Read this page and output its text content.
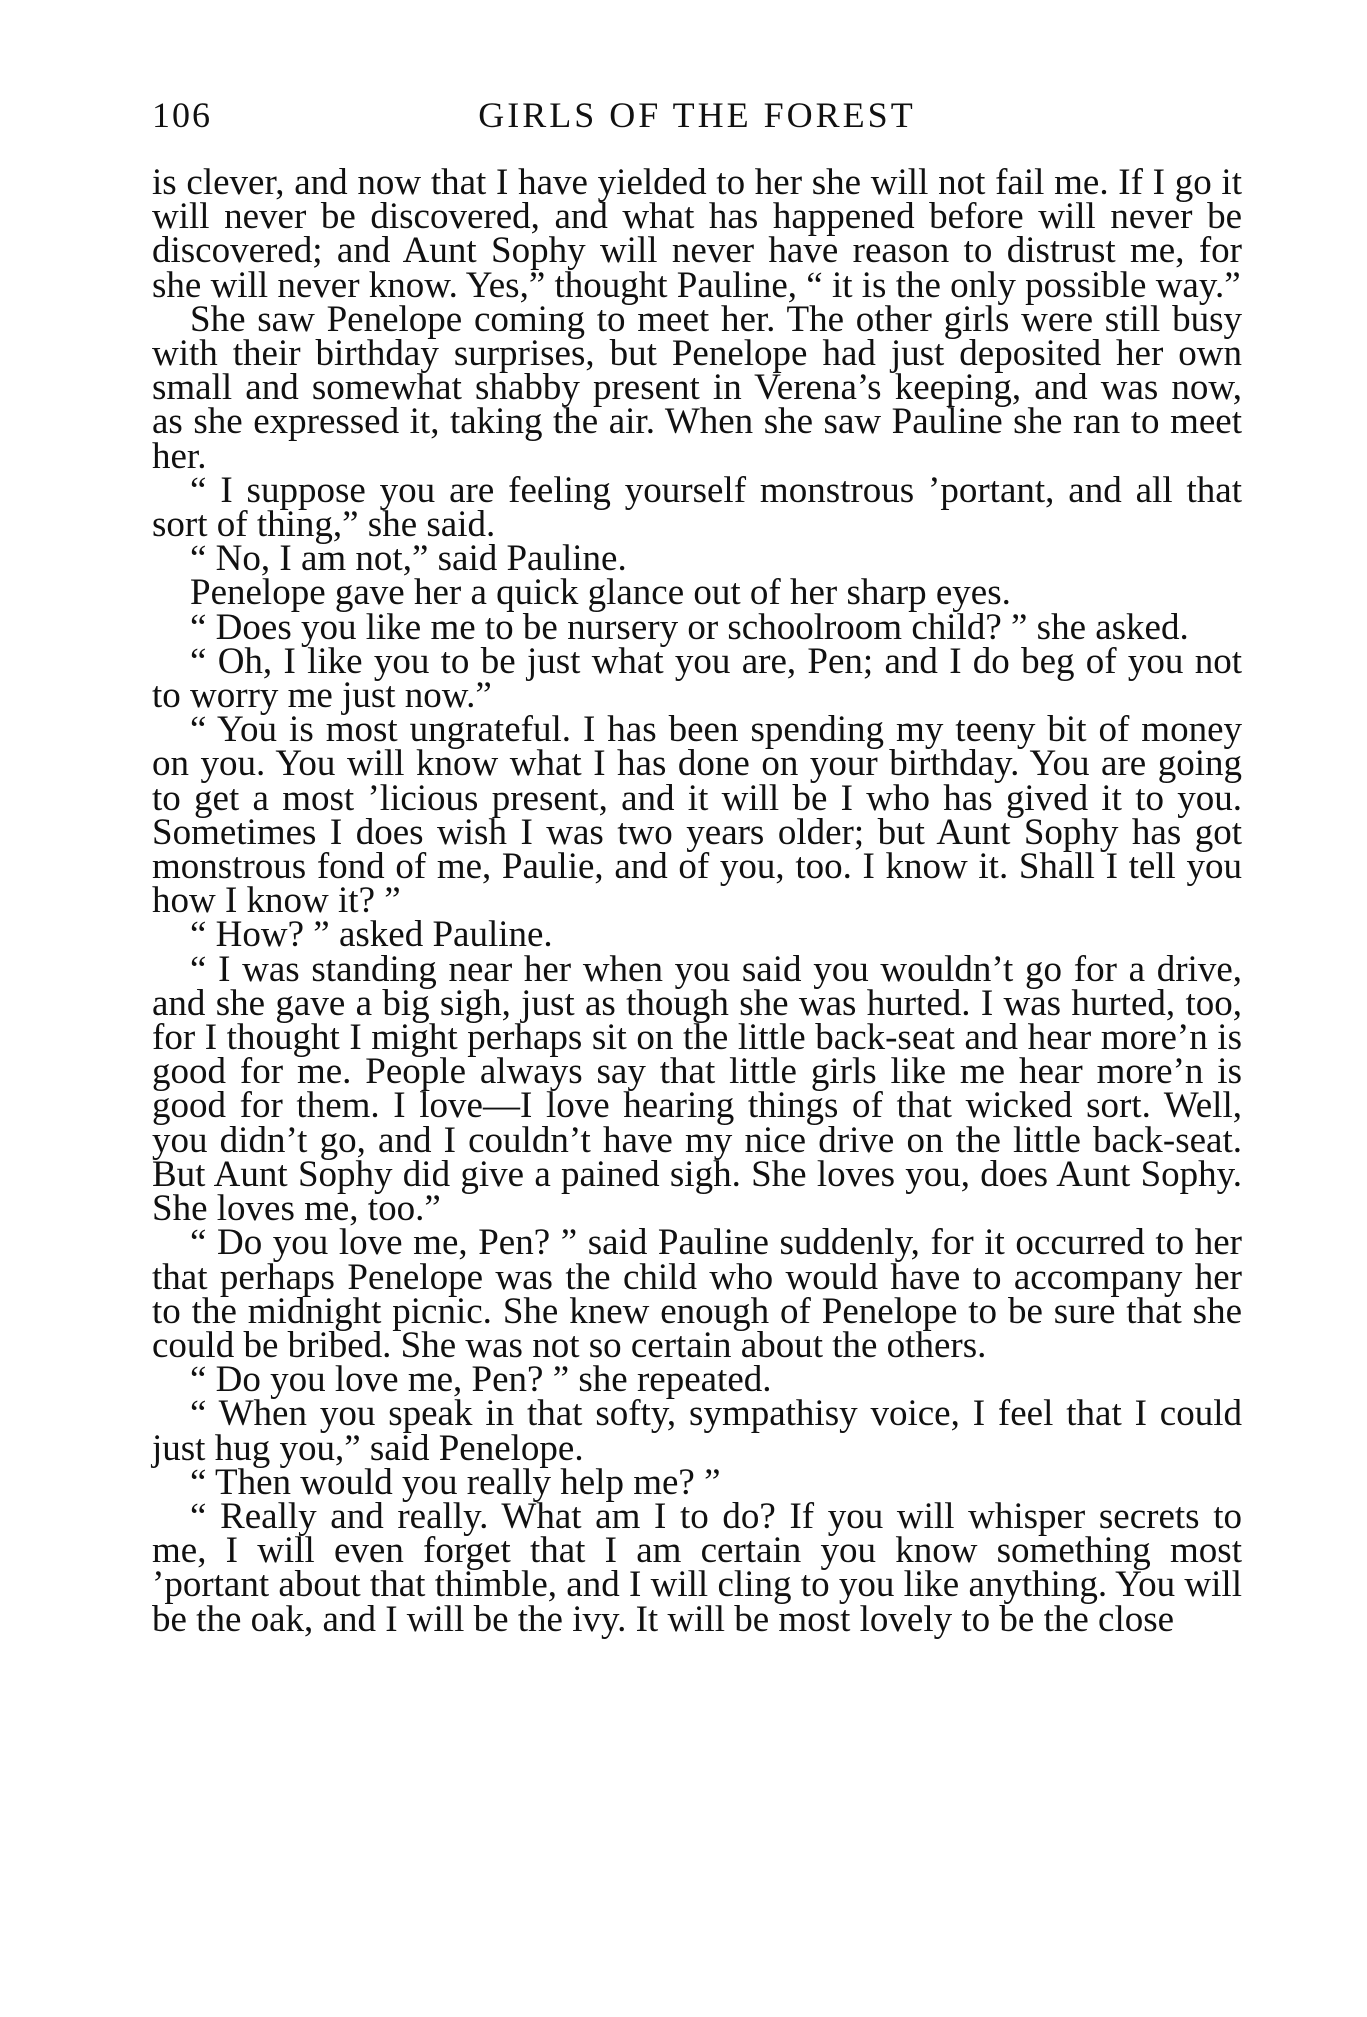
106	GIRLS OF THE FOREST

is clever, and now that I have yielded to her she will not fail me. If I go it will never be discovered, and what has happened before will never be discovered; and Aunt Sophy will never have reason to distrust me, for she will never know. Yes,” thought Pauline, “ it is the only possible way.”

She saw Penelope coming to meet her. The other girls were still busy with their birthday surprises, but Penelope had just deposited her own small and somewhat shabby present in Verena’s keeping, and was now, as she expressed it, taking the air. When she saw Pauline she ran to meet her.

“ I suppose you are feeling yourself monstrous ’portant, and all that sort of thing,” she said.

“ No, I am not,” said Pauline.

Penelope gave her a quick glance out of her sharp eyes.

“ Does you like me to be nursery or schoolroom child? ” she asked.

“ Oh, I like you to be just what you are, Pen; and I do beg of you not to worry me just now.”

“ You is most ungrateful. I has been spending my teeny bit of money on you. You will know what I has done on your birthday. You are going to get a most ’licious present, and it will be I who has gived it to you. Sometimes I does wish I was two years older; but Aunt Sophy has got monstrous fond of me, Paulie, and of you, too. I know it. Shall I tell you how I know it? ”

“ How? ” asked Pauline.

“ I was standing near her when you said you wouldn’t go for a drive, and she gave a big sigh, just as though she was hurted. I was hurted, too, for I thought I might perhaps sit on the little back-seat and hear more’n is good for me. People always say that little girls like me hear more’n is good for them. I love—I love hearing things of that wicked sort. Well, you didn’t go, and I couldn’t have my nice drive on the little back-seat. But Aunt Sophy did give a pained sigh. She loves you, does Aunt Sophy. She loves me, too.”

“ Do you love me, Pen? ” said Pauline suddenly, for it occurred to her that perhaps Penelope was the child who would have to accompany her to the midnight picnic. She knew enough of Penelope to be sure that she could be bribed. She was not so certain about the others.

“ Do you love me, Pen? ” she repeated.

“ When you speak in that softy, sympathisy voice, I feel that I could just hug you,” said Penelope.

“ Then would you really help me? ”

“ Really and really. What am I to do? If you will whisper secrets to me, I will even forget that I am certain you know something most ’portant about that thimble, and I will cling to you like anything. You will be the oak, and I will be the ivy. It will be most lovely to be the close
